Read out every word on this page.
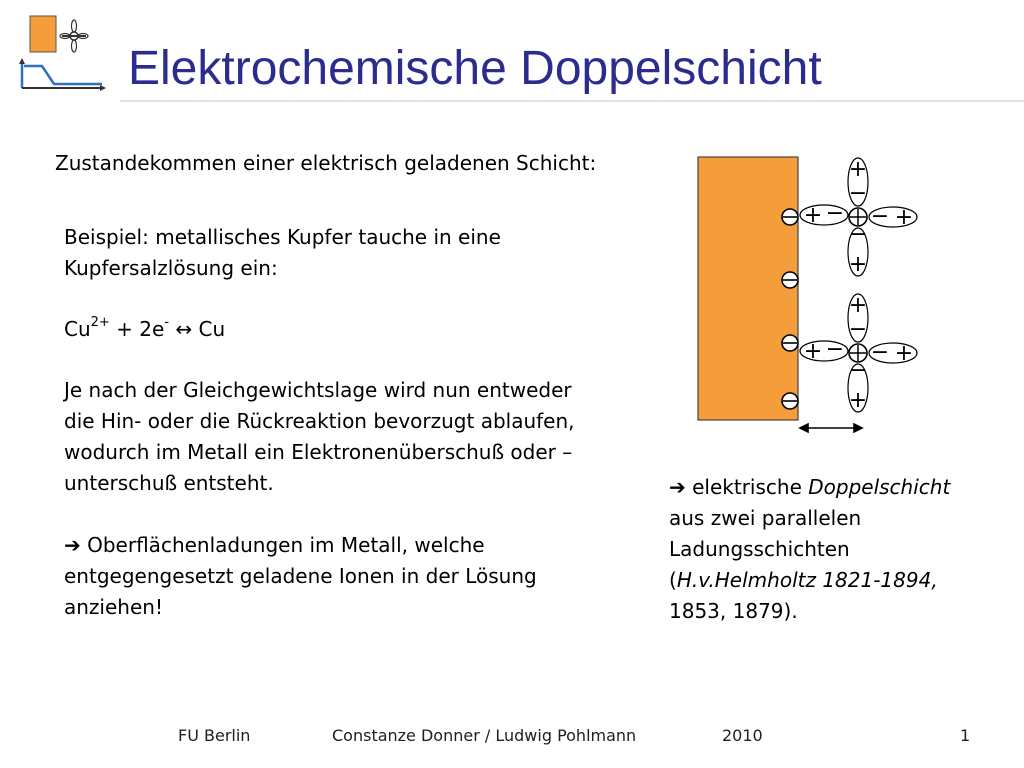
Elektrochemische Doppelschicht
Zustandekommen einer elektrisch geladenen Schicht:
Beispiel: metallisches Kupfer tauche in eine
Kupfersalzlösung ein:
$Cu^{2+} + 2e^-$ ↔ Cu
Je nach der Gleichgewichtslage wird nun entweder
die Hin- oder die Rückreaktion bevorzugt ablaufen,
wodurch im Metall ein Elektronenüberschuß oder –
unterschuß entsteht.
➔ Oberflächenladungen im Metall, welche
entgegengesetzt geladene Ionen in der Lösung
anziehen!
+
−
−
+
+ − − +
+
−
−
+
+ − − +
➔ elektrische Doppelschicht
aus zwei parallelen
Ladungsschichten
(H.v.Helmholtz 1821-1894,
1853, 1879).
FU Berlin	Constanze Donner / Ludwig Pohlmann	2010	1
